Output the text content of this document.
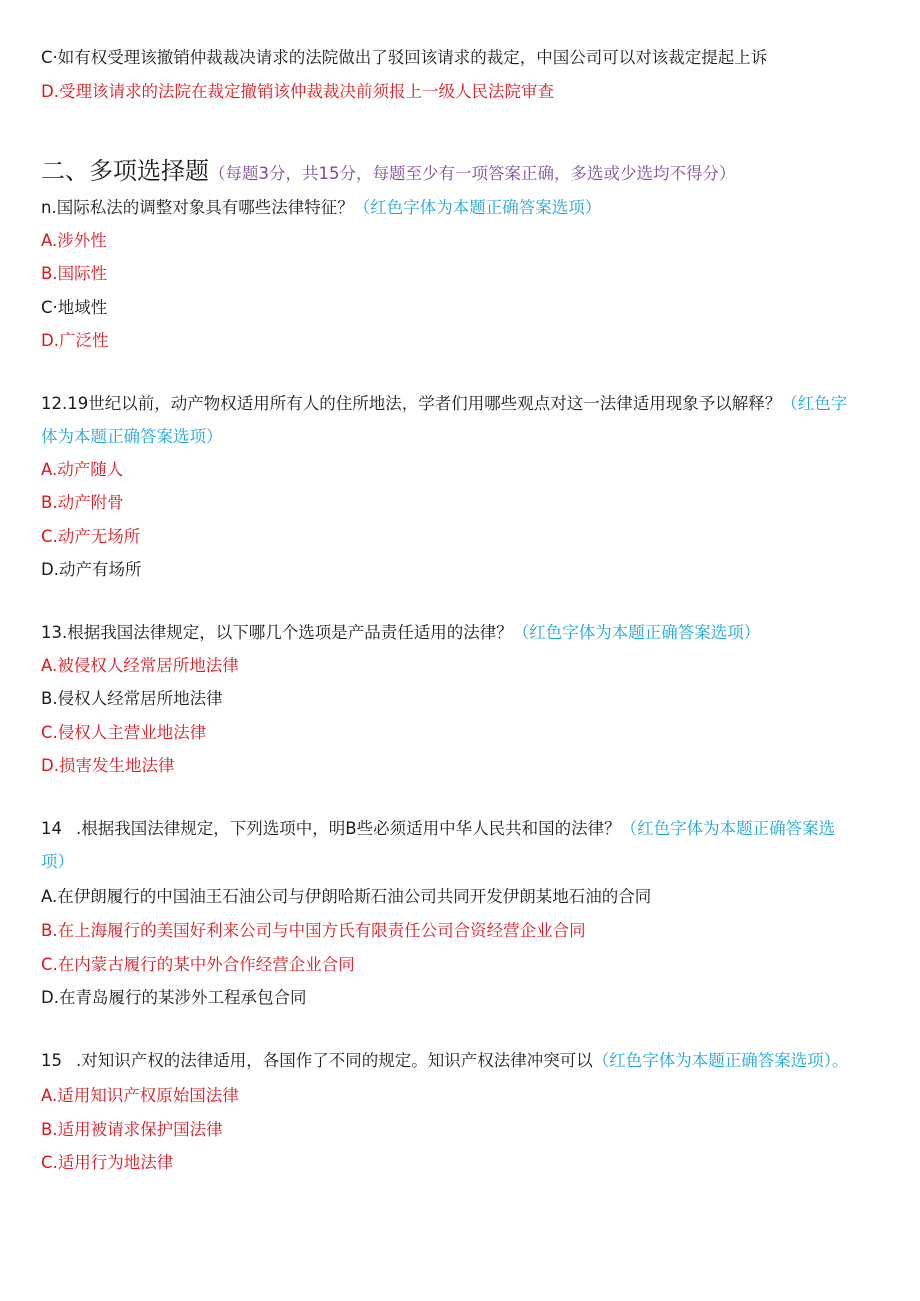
C·如有权受理该撤销仲裁裁决请求的法院做出了驳回该请求的裁定，中国公司可以对该裁定提起上诉
D.受理该请求的法院在裁定撤销该仲裁裁决前须报上一级人民法院审查
二、多项选择题（每题3分，共15分，每题至少有一项答案正确，多选或少选均不得分）
n.国际私法的调整对象具有哪些法律特征？（红色字体为本题正确答案选项）
A.涉外性
B.国际性
C·地域性
D.广泛性
12.19世纪以前，动产物权适用所有人的住所地法，学者们用哪些观点对这一法律适用现象予以解释？（红色字
体为本题正确答案选项）
A.动产随人
B.动产附骨
C.动产无场所
D.动产有场所
13.根据我国法律规定，以下哪几个选项是产品责任适用的法律？（红色字体为本题正确答案选项）
A.被侵权人经常居所地法律
B.侵权人经常居所地法律
C.侵权人主营业地法律
D.损害发生地法律
14 .根据我国法律规定，下列选项中，明B些必须适用中华人民共和国的法律？（红色字体为本题正确答案选
项）
A.在伊朗履行的中国油王石油公司与伊朗哈斯石油公司共同开发伊朗某地石油的合同
B.在上海履行的美国好利来公司与中国方氏有限责任公司合资经营企业合同
C.在内蒙古履行的某中外合作经营企业合同
D.在青岛履行的某涉外工程承包合同
15 .对知识产权的法律适用，各国作了不同的规定。知识产权法律冲突可以（红色字体为本题正确答案选项）。
A.适用知识产权原始国法律
B.适用被请求保护国法律
C.适用行为地法律
